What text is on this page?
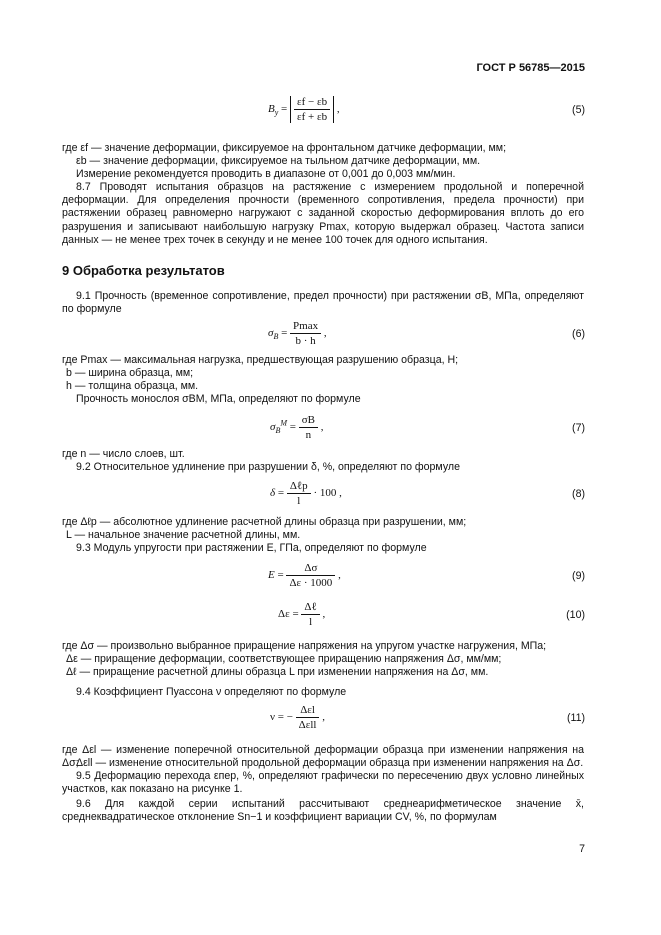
ГОСТ Р 56785—2015
$B_y = \frac{\varepsilon f - \varepsilon b}{\varepsilon f + \varepsilon b}$ ,	(5)
где εf — значение деформации, фиксируемое на фронтальном датчике деформации, мм;
εb — значение деформации, фиксируемое на тыльном датчике деформации, мм.
Измерение рекомендуется проводить в диапазоне от 0,001 до 0,003 мм/мин.
8.7 Проводят испытания образцов на растяжение с измерением продольной и поперечной деформации. Для определения прочности (временного сопротивления, предела прочности) при растяжении образец равномерно нагружают с заданной скоростью деформирования вплоть до его разрушения и записывают наибольшую нагрузку Pmax, которую выдержал образец. Частота записи данных — не менее трех точек в секунду и не менее 100 точек для одного испытания.
9 Обработка результатов
9.1 Прочность (временное сопротивление, предел прочности) при растяжении σB, МПа, определяют по формуле
$\sigma_B = \frac{Pmax}{b \cdot h}$ ,	(6)
где Pmax — максимальная нагрузка, предшествующая разрушению образца, Н;
b — ширина образца, мм;
h — толщина образца, мм.
Прочность монослоя σBM, МПа, определяют по формуле
$\sigma_B^M = \frac{\sigma B}{n}$ ,	(7)
где n — число слоев, шт.
9.2 Относительное удлинение при разрушении δ, %, определяют по формуле
$\delta = \frac{\text{Δℓp}}{l} \cdot 100$ ,	(8)
где Δℓp — абсолютное удлинение расчетной длины образца при разрушении, мм;
L — начальное значение расчетной длины, мм.
9.3 Модуль упругости при растяжении E, ГПа, определяют по формуле
$E = \frac{\Delta\sigma}{\Delta\varepsilon \cdot 1000}$ ,	(9)
$\Delta\varepsilon = \frac{\text{Δℓ}}{l}$ ,	(10)
где Δσ — произвольно выбранное приращение напряжения на упругом участке нагружения, МПа;
Δε — приращение деформации, соответствующее приращению напряжения Δσ, мм/мм;
Δℓ — приращение расчетной длины образца L при изменении напряжения на Δσ, мм.
9.4 Коэффициент Пуассона ν определяют по формуле
ν = − $\frac{\text{Δεl}}{\text{Δεll}}$ ,	(11)
где Δεl — изменение поперечной относительной деформации образца при изменении напряжения на Δσ;
Δεll — изменение относительной продольной деформации образца при изменении напряжения на Δσ.
9.5 Деформацию перехода εпер, %, определяют графически по пересечению двух условно линейных участков, как показано на рисунке 1.
9.6 Для каждой серии испытаний рассчитывают среднеарифметическое значение x̄, среднеквадратическое отклонение Sn−1 и коэффициент вариации CV, %, по формулам
7
